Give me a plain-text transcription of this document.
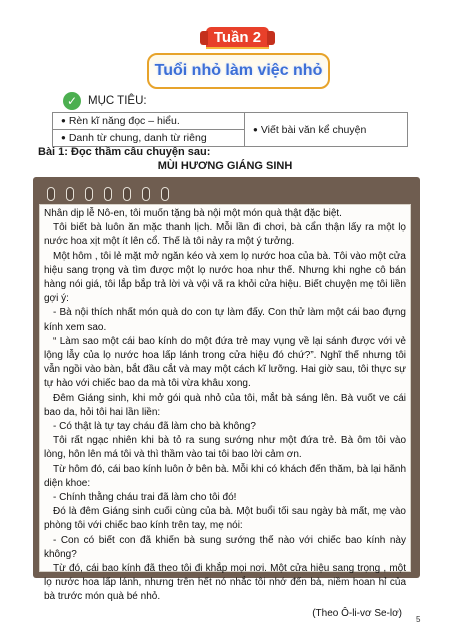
Tuần 2
Tuổi nhỏ làm việc nhỏ
✓ MỤC TIÊU:
● Rèn kĩ năng đọc – hiểu.	● Viết bài văn kể chuyện
● Danh từ chung, danh từ riêng
Bài 1: Đọc thầm câu chuyện sau:
MÙI HƯƠNG GIÁNG SINH

Nhân dịp lễ Nô-en, tôi muốn tặng bà nội một món quà thật đặc biệt.

Tôi biết bà luôn ăn mặc thanh lịch. Mỗi lần đi chơi, bà cẩn thận lấy ra một lọ nước hoa xịt một ít lên cổ. Thế là tôi nảy ra một ý tưởng.

Một hôm , tôi lẻ mặt mở ngăn kéo và xem lọ nước hoa của bà. Tôi vào một cửa hiệu sang trọng và tìm được một lọ nước hoa như thế. Nhưng khi nghe cô bán hàng nói giá, tôi lắp bắp trả lời và vội vã ra khỏi cửa hiệu. Biết chuyện mẹ tôi liền gợi ý:

- Bà nội thích nhất món quà do con tự làm đấy. Con thử làm một cái bao đựng kính xem sao.

“ Làm sao một cái bao kính do một đứa trẻ may vụng về lại sánh được với vẻ lộng lẫy của lọ nước hoa lấp lánh trong cửa hiệu đó chứ?”. Nghĩ thế nhưng tôi vẫn ngồi vào bàn, bắt đầu cắt và may một cách kĩ lưỡng. Hai giờ sau, tôi thực sự tự hào với chiếc bao da mà tôi vừa khâu xong.

Đêm Giáng sinh, khi mở gói quà nhỏ của tôi, mắt bà sáng lên. Bà vuốt ve cái bao da, hỏi tôi hai lần liền:

- Có thật là tự tay cháu đã làm cho bà không?

Tôi rất ngạc nhiên khi bà tỏ ra sung sướng như một đứa trẻ. Bà ôm tôi vào lòng, hôn lên má tôi và thì thầm vào tai tôi bao lời cảm ơn.

Từ hôm đó, cái bao kính luôn ở bên bà. Mỗi khi có khách đến thăm, bà lại hãnh diện khoe:

- Chính thằng cháu trai đã làm cho tôi đó!

Đó là đêm Giáng sinh cuối cùng của bà. Một buổi tối sau ngày bà mất, mẹ vào phòng tôi với chiếc bao kính trên tay, mẹ nói:

- Con có biết con đã khiến bà sung sướng thế nào với chiếc bao kính này không?

Từ đó, cái bao kính đã theo tôi đi khắp mọi nơi. Một cửa hiệu sang trọng , một lọ nước hoa lấp lánh, nhưng trên hết nó nhắc tôi nhớ đến bà, niềm hoan hỉ của bà trước món quà bé nhỏ.

(Theo Ô-li-vơ Se-lơ)

5
